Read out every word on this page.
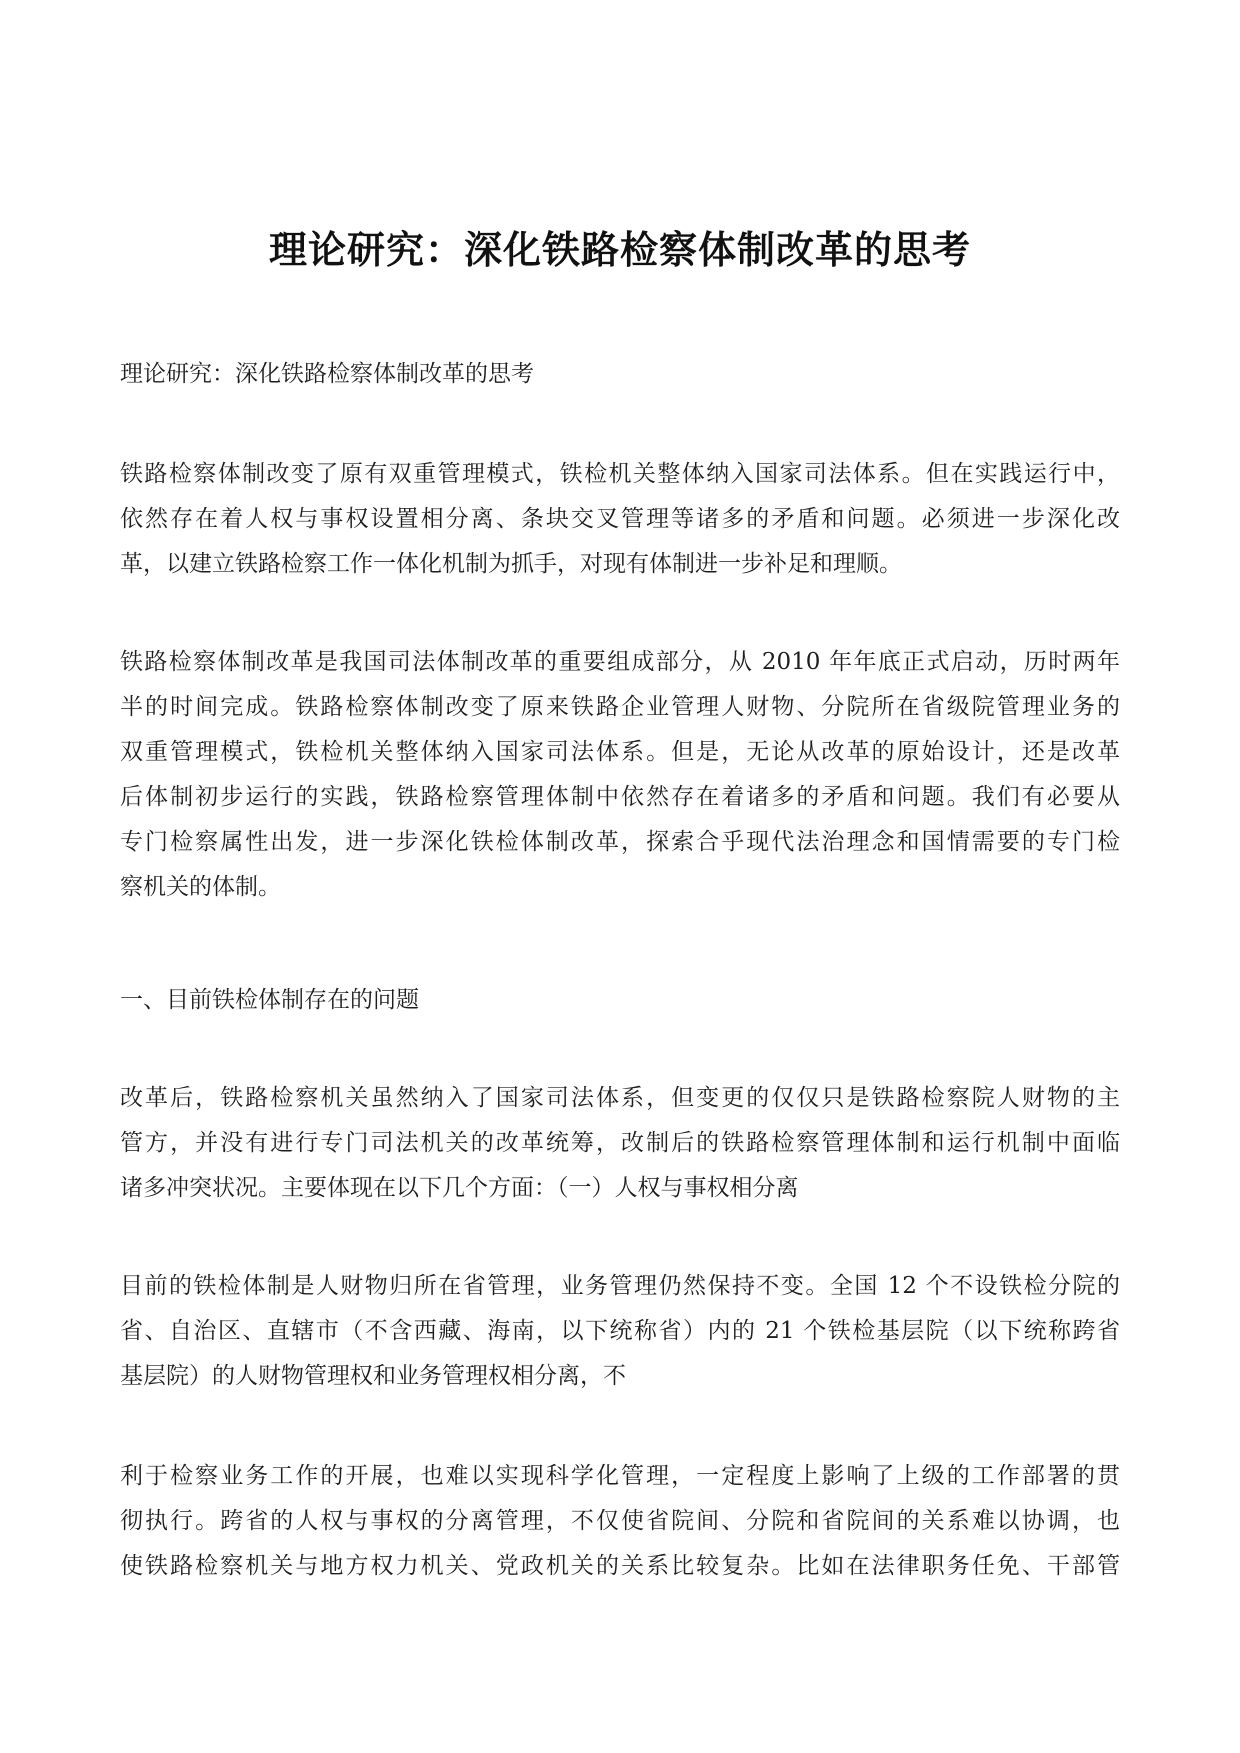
理论研究：深化铁路检察体制改革的思考

理论研究：深化铁路检察体制改革的思考

铁路检察体制改变了原有双重管理模式，铁检机关整体纳入国家司法体系。但在实践运行中，
依然存在着人权与事权设置相分离、条块交叉管理等诸多的矛盾和问题。必须进一步深化改
革，以建立铁路检察工作一体化机制为抓手，对现有体制进一步补足和理顺。

铁路检察体制改革是我国司法体制改革的重要组成部分，从 2010 年年底正式启动，历时两年
半的时间完成。铁路检察体制改变了原来铁路企业管理人财物、分院所在省级院管理业务的
双重管理模式，铁检机关整体纳入国家司法体系。但是，无论从改革的原始设计，还是改革
后体制初步运行的实践，铁路检察管理体制中依然存在着诸多的矛盾和问题。我们有必要从
专门检察属性出发，进一步深化铁检体制改革，探索合乎现代法治理念和国情需要的专门检
察机关的体制。

一、目前铁检体制存在的问题

改革后，铁路检察机关虽然纳入了国家司法体系，但变更的仅仅只是铁路检察院人财物的主
管方，并没有进行专门司法机关的改革统筹，改制后的铁路检察管理体制和运行机制中面临
诸多冲突状况。主要体现在以下几个方面：（一）人权与事权相分离

目前的铁检体制是人财物归所在省管理，业务管理仍然保持不变。全国 12 个不设铁检分院的
省、自治区、直辖市（不含西藏、海南，以下统称省）内的 21 个铁检基层院（以下统称跨省
基层院）的人财物管理权和业务管理权相分离，不

利于检察业务工作的开展，也难以实现科学化管理，一定程度上影响了上级的工作部署的贯
彻执行。跨省的人权与事权的分离管理，不仅使省院间、分院和省院间的关系难以协调，也
使铁路检察机关与地方权力机关、党政机关的关系比较复杂。比如在法律职务任免、干部管
